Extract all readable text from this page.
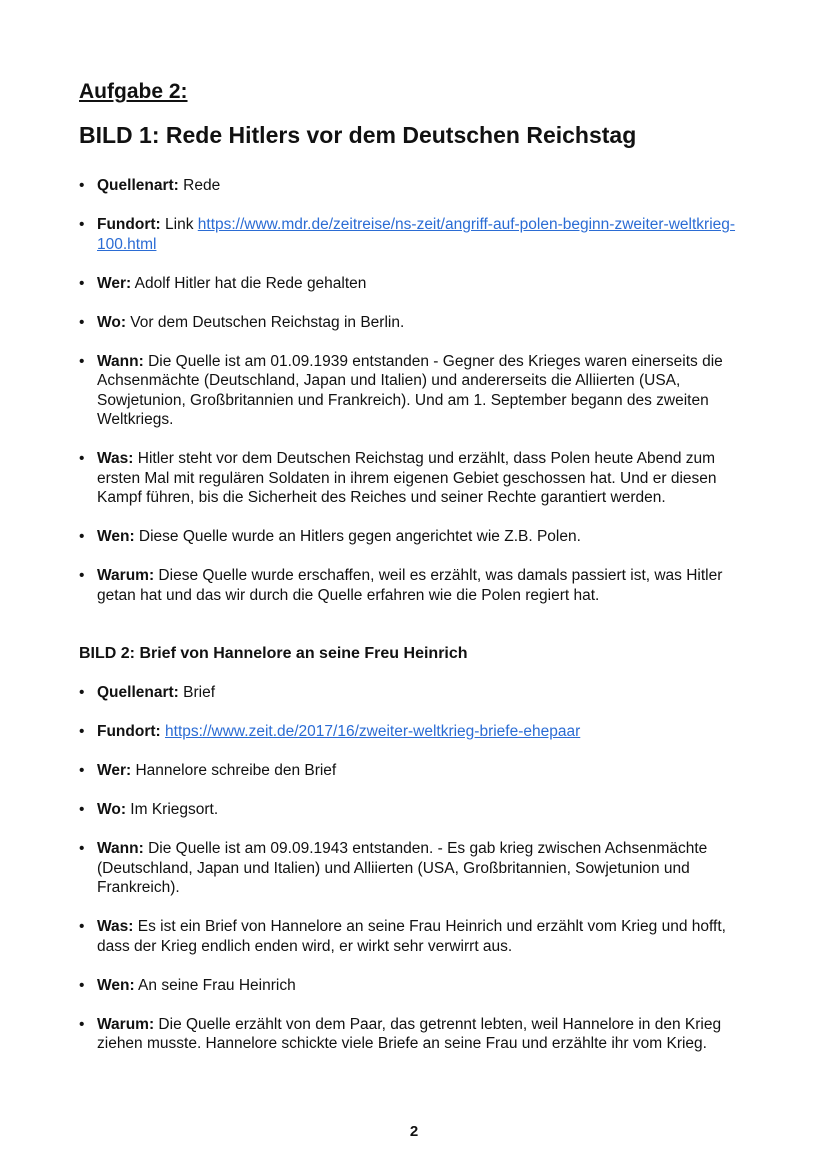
Aufgabe 2:
BILD 1: Rede Hitlers vor dem Deutschen Reichstag
• Quellenart: Rede
• Fundort: Link https://www.mdr.de/zeitreise/ns-zeit/angriff-auf-polen-beginn-zweiter-weltkrieg-100.html
• Wer: Adolf Hitler hat die Rede gehalten
• Wo: Vor dem Deutschen Reichstag in Berlin.
• Wann: Die Quelle ist am 01.09.1939 entstanden - Gegner des Krieges waren einerseits die Achsenmächte (Deutschland, Japan und Italien) und andererseits die Alliierten (USA, Sowjetunion, Großbritannien und Frankreich). Und am 1. September begann des zweiten Weltkriegs.
• Was: Hitler steht vor dem Deutschen Reichstag und erzählt, dass Polen heute Abend zum ersten Mal mit regulären Soldaten in ihrem eigenen Gebiet geschossen hat. Und er diesen Kampf führen, bis die Sicherheit des Reiches und seiner Rechte garantiert werden.
• Wen: Diese Quelle wurde an Hitlers gegen angerichtet wie Z.B. Polen.
• Warum: Diese Quelle wurde erschaffen, weil es erzählt, was damals passiert ist, was Hitler getan hat und das wir durch die Quelle erfahren wie die Polen regiert hat.
BILD 2: Brief von Hannelore an seine Freu Heinrich
• Quellenart: Brief
• Fundort: https://www.zeit.de/2017/16/zweiter-weltkrieg-briefe-ehepaar
• Wer: Hannelore schreibe den Brief
• Wo: Im Kriegsort.
• Wann: Die Quelle ist am 09.09.1943 entstanden. - Es gab krieg zwischen Achsenmächte (Deutschland, Japan und Italien) und Alliierten (USA, Großbritannien, Sowjetunion und Frankreich).
• Was: Es ist ein Brief von Hannelore an seine Frau Heinrich und erzählt vom Krieg und hofft, dass der Krieg endlich enden wird, er wirkt sehr verwirrt aus.
• Wen: An seine Frau Heinrich
• Warum: Die Quelle erzählt von dem Paar, das getrennt lebten, weil Hannelore in den Krieg ziehen musste. Hannelore schickte viele Briefe an seine Frau und erzählte ihr vom Krieg.
2
